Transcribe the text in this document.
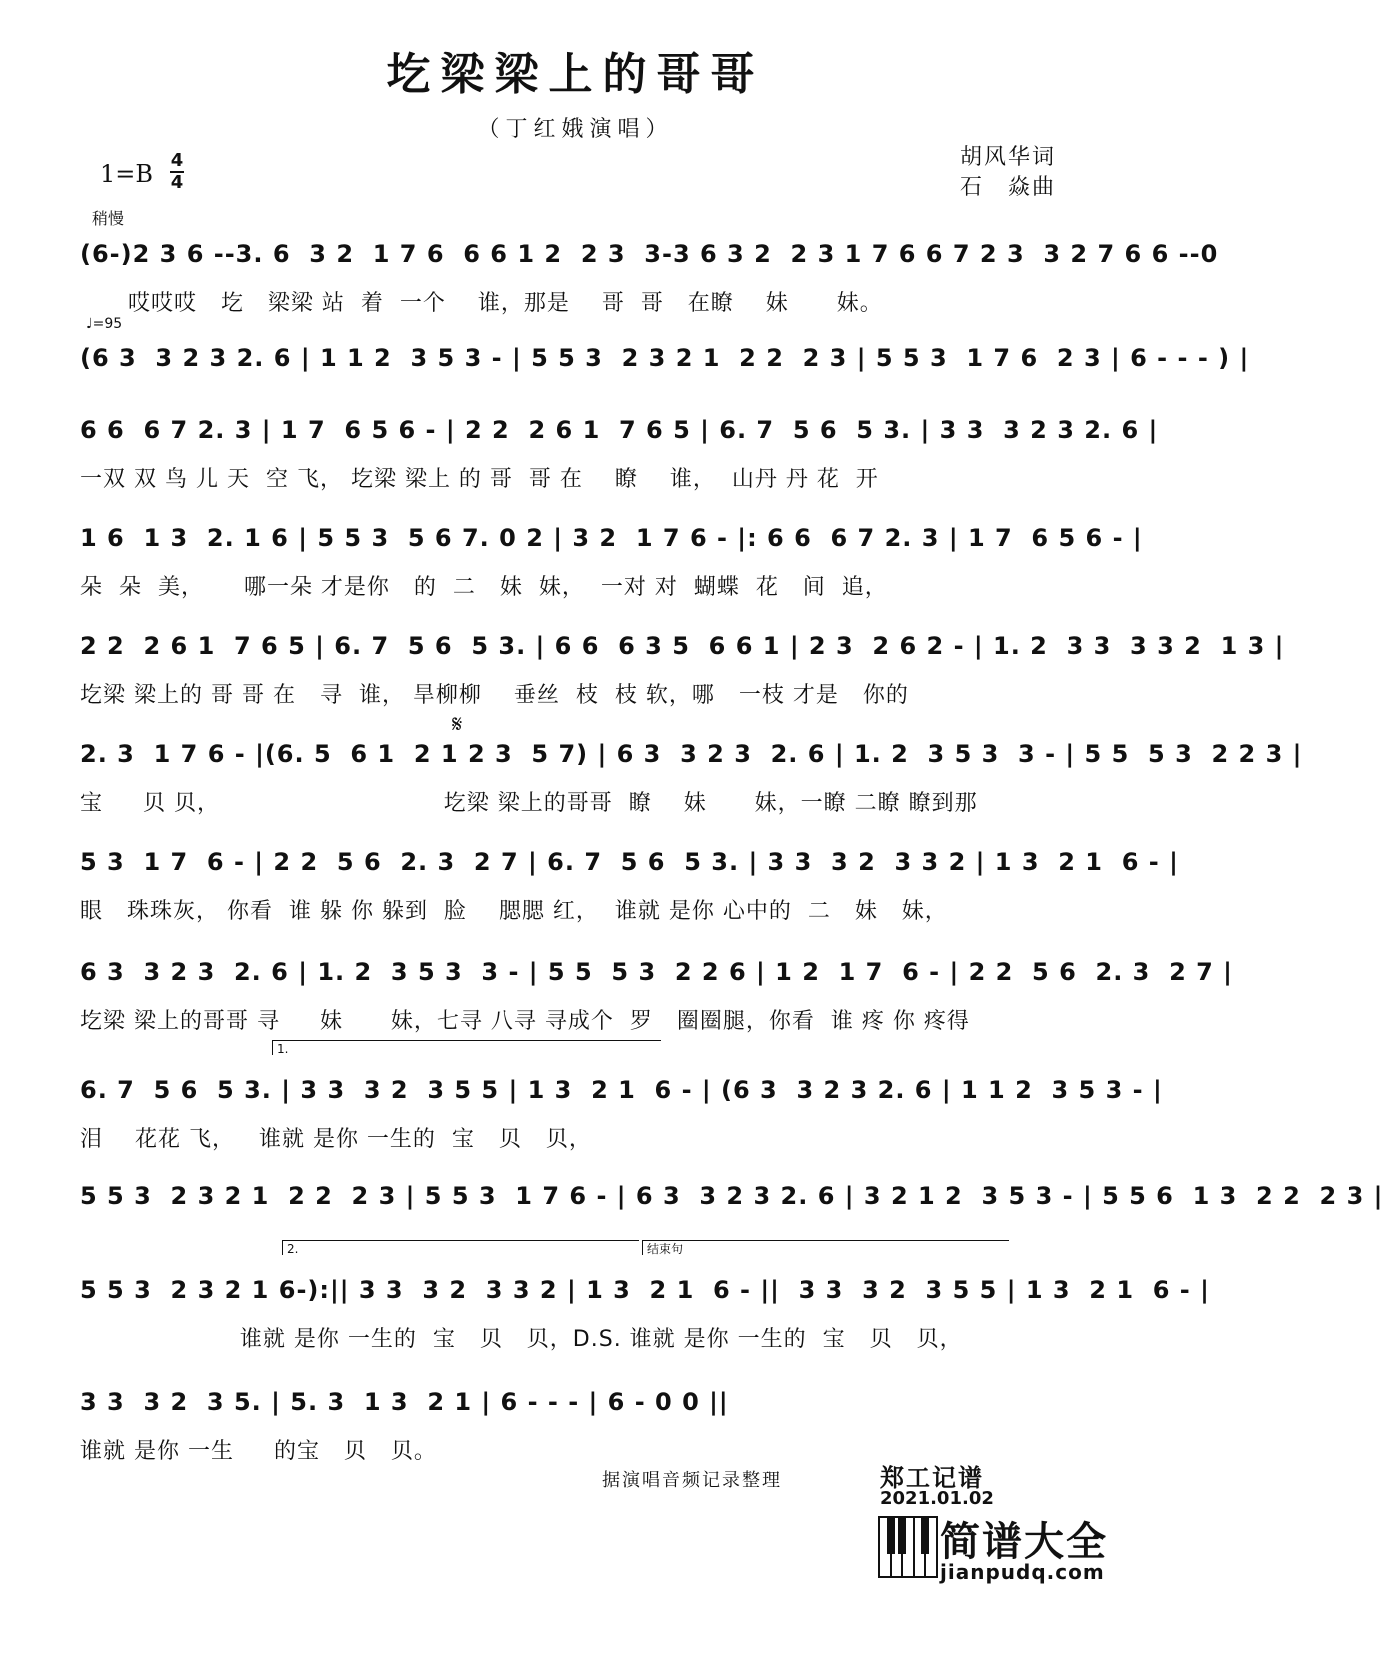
圪梁梁上的哥哥
（丁红娥演唱）
胡风华词
石　焱曲
1=B 4
4
稍慢
♩=95
(6-)2 3 6 --3. 6  3 2  1 7 6  6 6 1 2  2 3  3-3 6 3 2  2 3 1 7 6 6 7 2 3  3 2 7 6 6 --0
哎哎哎   圪   梁梁 站  着  一个    谁，那是    哥  哥   在瞭    妹      妹。
(6 3  3 2 3 2. 6 | 1 1 2  3 5 3 - | 5 5 3  2 3 2 1  2 2  2 3 | 5 5 3  1 7 6  2 3 | 6 - - - ) |
6 6  6 7 2. 3 | 1 7  6 5 6 - | 2 2  2 6 1  7 6 5 | 6. 7  5 6  5 3. | 3 3  3 2 3 2. 6 |
一双 双 鸟 儿 天  空 飞， 圪梁 梁上 的 哥  哥 在    瞭    谁，  山丹 丹 花  开
1 6  1 3  2. 1 6 | 5 5 3  5 6 7. 0 2 | 3 2  1 7 6 - |: 6 6  6 7 2. 3 | 1 7  6 5 6 - |
朵  朵  美，     哪一朵 才是你   的  二   妹  妹，  一对 对  蝴蝶  花   间  追，
2 2  2 6 1  7 6 5 | 6. 7  5 6  5 3. | 6 6  6 3 5  6 6 1 | 2 3  2 6 2 - | 1. 2  3 3  3 3 2  1 3 |
圪梁 梁上的 哥 哥 在   寻  谁， 旱柳柳    垂丝  枝  枝 软，哪   一枝 才是   你的
𝄋
2. 3  1 7 6 - |(6. 5  6 1  2 1 2 3  5 7) | 6 3  3 2 3  2. 6 | 1. 2  3 5 3  3 - | 5 5  5 3  2 2 3 |
宝     贝 贝，                            圪梁 梁上的哥哥  瞭    妹      妹，一瞭 二瞭 瞭到那
5 3  1 7  6 - | 2 2  5 6  2. 3  2 7 | 6. 7  5 6  5 3. | 3 3  3 2  3 3 2 | 1 3  2 1  6 - |
眼   珠珠灰， 你看  谁 躲 你 躲到  脸    腮腮 红，  谁就 是你 心中的  二   妹   妹，
6 3  3 2 3  2. 6 | 1. 2  3 5 3  3 - | 5 5  5 3  2 2 6 | 1 2  1 7  6 - | 2 2  5 6  2. 3  2 7 |
圪梁 梁上的哥哥 寻     妹      妹，七寻 八寻 寻成个  罗   圈圈腿，你看  谁 疼 你 疼得
1.
6. 7  5 6  5 3. | 3 3  3 2  3 5 5 | 1 3  2 1  6 - | (6 3  3 2 3 2. 6 | 1 1 2  3 5 3 - |
泪    花花 飞，   谁就 是你 一生的  宝   贝   贝，
5 5 3  2 3 2 1  2 2  2 3 | 5 5 3  1 7 6 - | 6 3  3 2 3 2. 6 | 3 2 1 2  3 5 3 - | 5 5 6  1 3  2 2  2 3 |
2.	结束句
5 5 3  2 3 2 1 6-):|| 3 3  3 2  3 3 2 | 1 3  2 1  6 - ||  3 3  3 2  3 5 5 | 1 3  2 1  6 - |
谁就 是你 一生的  宝   贝   贝，D.S. 谁就 是你 一生的  宝   贝   贝，
3 3  3 2  3 5. | 5. 3  1 3  2 1 | 6 - - - | 6 - 0 0 ||
谁就 是你 一生     的宝   贝   贝。
据演唱音频记录整理	郑工记谱
2021.01.02
简谱大全
jianpudq.com
